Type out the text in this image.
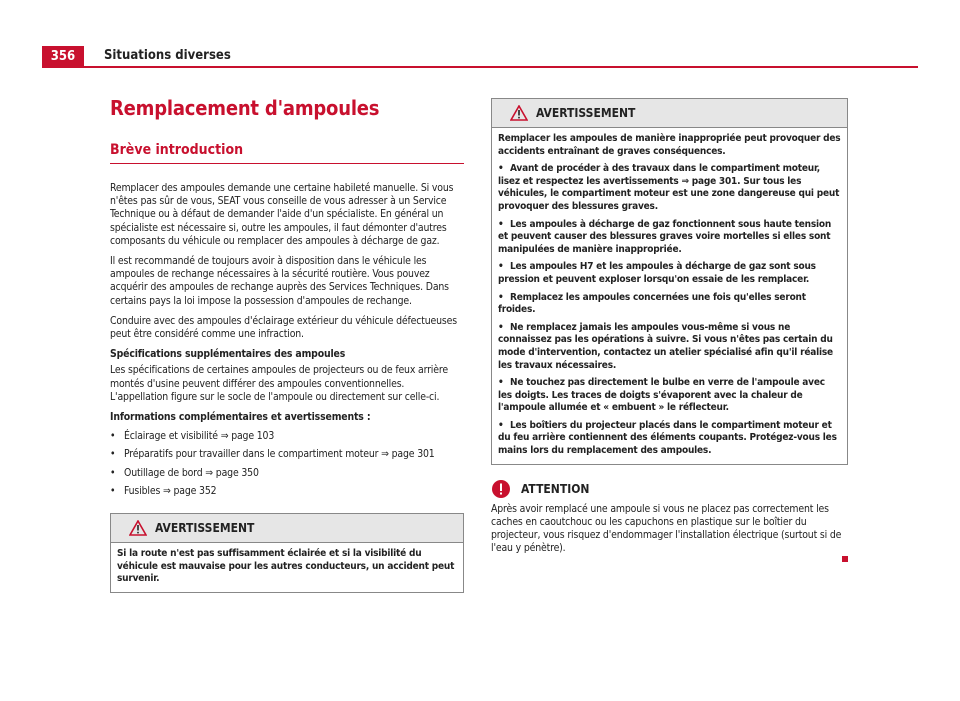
356	Situations diverses
Remplacement d'ampoules
Brève introduction

Remplacer des ampoules demande une certaine habileté manuelle. Si vous n'êtes pas sûr de vous, SEAT vous conseille de vous adresser à un Service Technique ou à défaut de demander l'aide d'un spécialiste. En général un spécialiste est nécessaire si, outre les ampoules, il faut démonter d'autres composants du véhicule ou remplacer des ampoules à décharge de gaz.

Il est recommandé de toujours avoir à disposition dans le véhicule les ampoules de rechange nécessaires à la sécurité routière. Vous pouvez acquérir des ampoules de rechange auprès des Services Techniques. Dans certains pays la loi impose la possession d'ampoules de rechange.

Conduire avec des ampoules d'éclairage extérieur du véhicule défectueuses peut être considéré comme une infraction.

Spécifications supplémentaires des ampoules

Les spécifications de certaines ampoules de projecteurs ou de feux arrière montés d'usine peuvent différer des ampoules conventionnelles. L'appellation figure sur le socle de l'ampoule ou directement sur celle-ci.

Informations complémentaires et avertissements :

• Éclairage et visibilité ⇒ page 103
• Préparatifs pour travailler dans le compartiment moteur ⇒ page 301
• Outillage de bord ⇒ page 350
• Fusibles ⇒ page 352
AVERTISSEMENT

Si la route n'est pas suffisamment éclairée et si la visibilité du véhicule est mauvaise pour les autres conducteurs, un accident peut survenir.

AVERTISSEMENT

Remplacer les ampoules de manière inappropriée peut provoquer des accidents entraînant de graves conséquences.

• Avant de procéder à des travaux dans le compartiment moteur, lisez et respectez les avertissements ⇒ page 301. Sur tous les véhicules, le compartiment moteur est une zone dangereuse qui peut provoquer des blessures graves.
• Les ampoules à décharge de gaz fonctionnent sous haute tension et peuvent causer des blessures graves voire mortelles si elles sont manipulées de manière inappropriée.
• Les ampoules H7 et les ampoules à décharge de gaz sont sous pression et peuvent exploser lorsqu'on essaie de les remplacer.
• Remplacez les ampoules concernées une fois qu'elles seront froides.
• Ne remplacez jamais les ampoules vous-même si vous ne connaissez pas les opérations à suivre. Si vous n'êtes pas certain du mode d'intervention, contactez un atelier spécialisé afin qu'il réalise les travaux nécessaires.
• Ne touchez pas directement le bulbe en verre de l'ampoule avec les doigts. Les traces de doigts s'évaporent avec la chaleur de l'ampoule allumée et « embuent » le réflecteur.
• Les boîtiers du projecteur placés dans le compartiment moteur et du feu arrière contiennent des éléments coupants. Protégez-vous les mains lors du remplacement des ampoules.
ATTENTION

Après avoir remplacé une ampoule si vous ne placez pas correctement les caches en caoutchouc ou les capuchons en plastique sur le boîtier du projecteur, vous risquez d'endommager l'installation électrique (surtout si de l'eau y pénètre).
